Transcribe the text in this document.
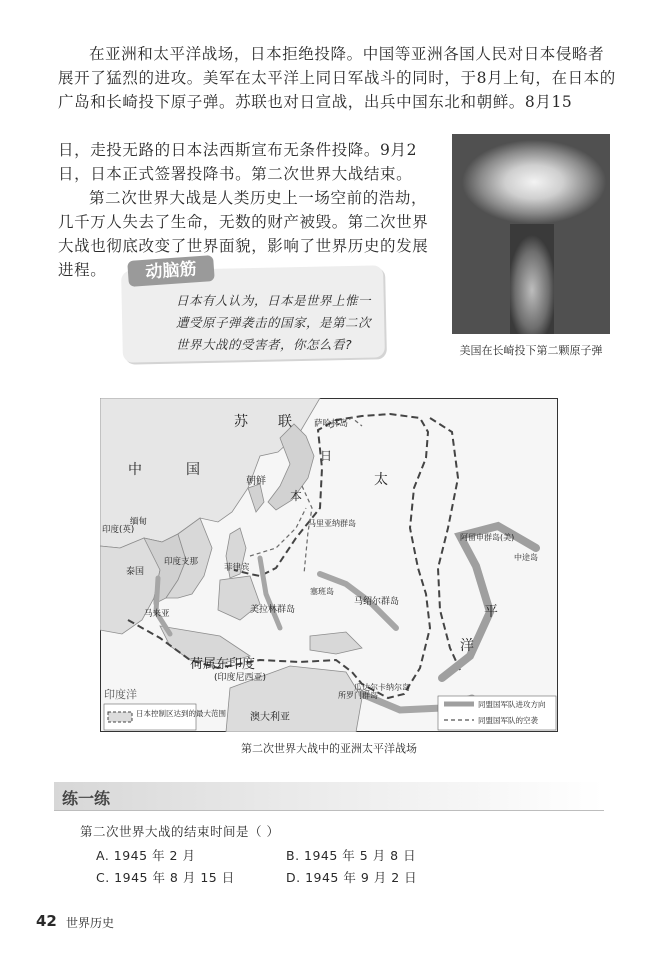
在亚洲和太平洋战场，日本拒绝投降。中国等亚洲各国人民对日本侵略者展开了猛烈的进攻。美军在太平洋上同日军战斗的同时，于8月上旬，在日本的广岛和长崎投下原子弹。苏联也对日宣战，出兵中国东北和朝鲜。8月15

日，走投无路的日本法西斯宣布无条件投降。9月2日，日本正式签署投降书。第二次世界大战结束。

第二次世界大战是人类历史上一场空前的浩劫，几千万人失去了生命，无数的财产被毁。第二次世界大战也彻底改变了世界面貌，影响了世界历史的发展进程。

美国在长崎投下第二颗原子弹
动脑筋

日本有人认为，日本是世界上惟一遭受原子弹袭击的国家，是第二次世界大战的受害者，你怎么看?

苏 联
中	国
朝鲜
日
本
萨哈林岛
太
平
洋
印度(英)
缅甸
泰国
印度支那
菲律宾
马来亚
马里亚纳群岛
塞班岛
马绍尔群岛
美拉林群岛
荷属东印度
(印度尼西亚)
所罗门群岛
瓜达尔卡纳尔岛
澳大利亚
阿留申群岛(美)
中途岛
印度洋
日本控制区达到的最大范围
同盟国军队进攻方向
同盟国军队的空袭
第二次世界大战中的亚洲太平洋战场
练一练
第二次世界大战的结束时间是（ ）
A. 1945 年 2 月	B. 1945 年 5 月 8 日
C. 1945 年 8 月 15 日	D. 1945 年 9 月 2 日
42 世界历史
